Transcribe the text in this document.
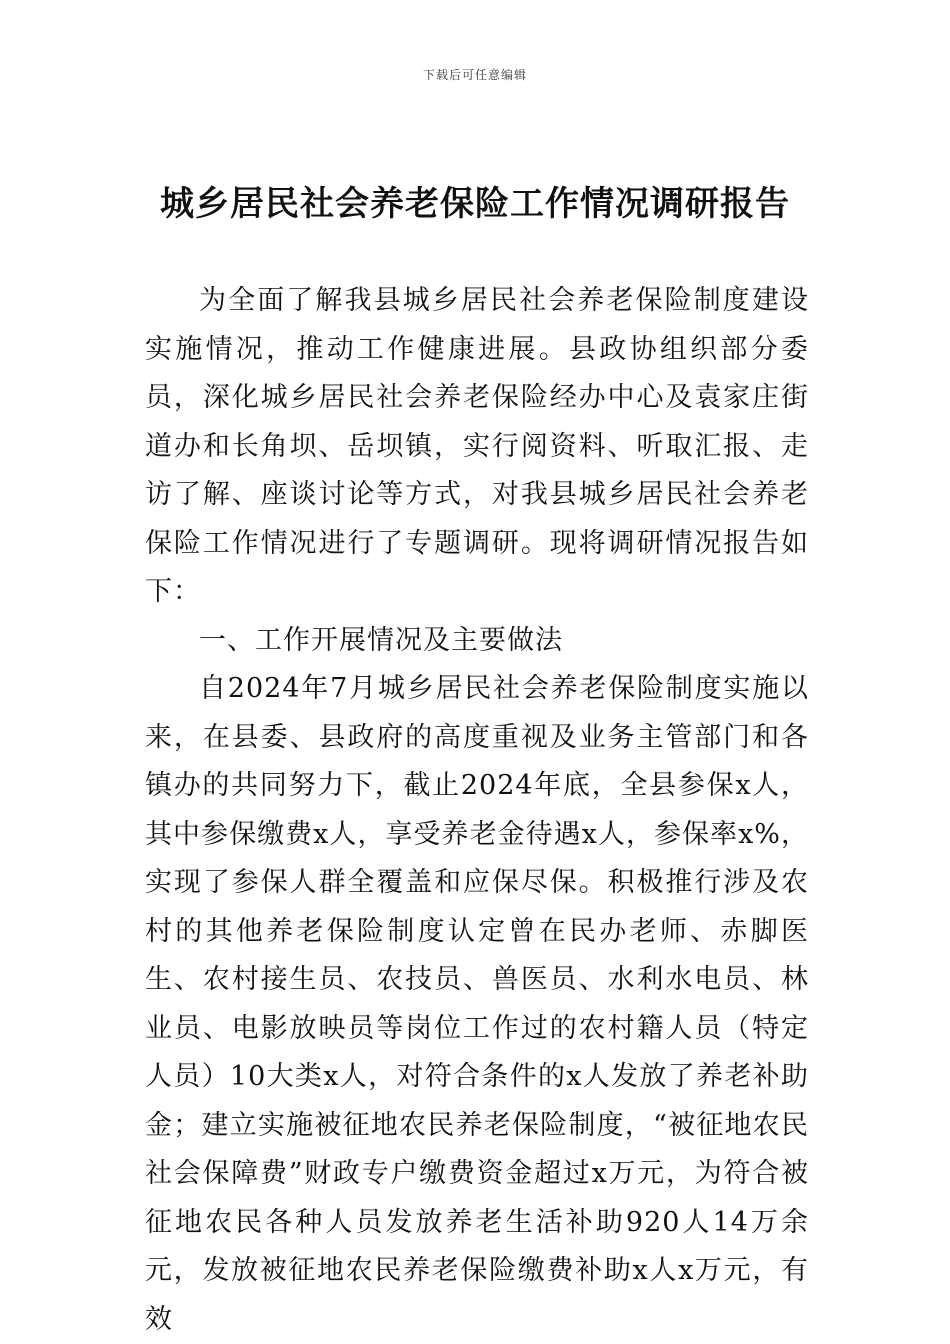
下载后可任意编辑
城乡居民社会养老保险工作情况调研报告

为全面了解我县城乡居民社会养老保险制度建设实施情况，推动工作健康进展。县政协组织部分委员，深化城乡居民社会养老保险经办中心及袁家庄街道办和长角坝、岳坝镇，实行阅资料、听取汇报、走访了解、座谈讨论等方式，对我县城乡居民社会养老保险工作情况进行了专题调研。现将调研情况报告如下：

一、工作开展情况及主要做法

自2024年7月城乡居民社会养老保险制度实施以来，在县委、县政府的高度重视及业务主管部门和各镇办的共同努力下，截止2024年底，全县参保x人，其中参保缴费x人，享受养老金待遇x人，参保率x%，实现了参保人群全覆盖和应保尽保。积极推行涉及农村的其他养老保险制度认定曾在民办老师、赤脚医生、农村接生员、农技员、兽医员、水利水电员、林业员、电影放映员等岗位工作过的农村籍人员（特定人员）10大类x人，对符合条件的x人发放了养老补助金；建立实施被征地农民养老保险制度，“被征地农民社会保障费”财政专户缴费资金超过x万元，为符合被征地农民各种人员发放养老生活补助920人14万余元，发放被征地农民养老保险缴费补助x人x万元，有效
